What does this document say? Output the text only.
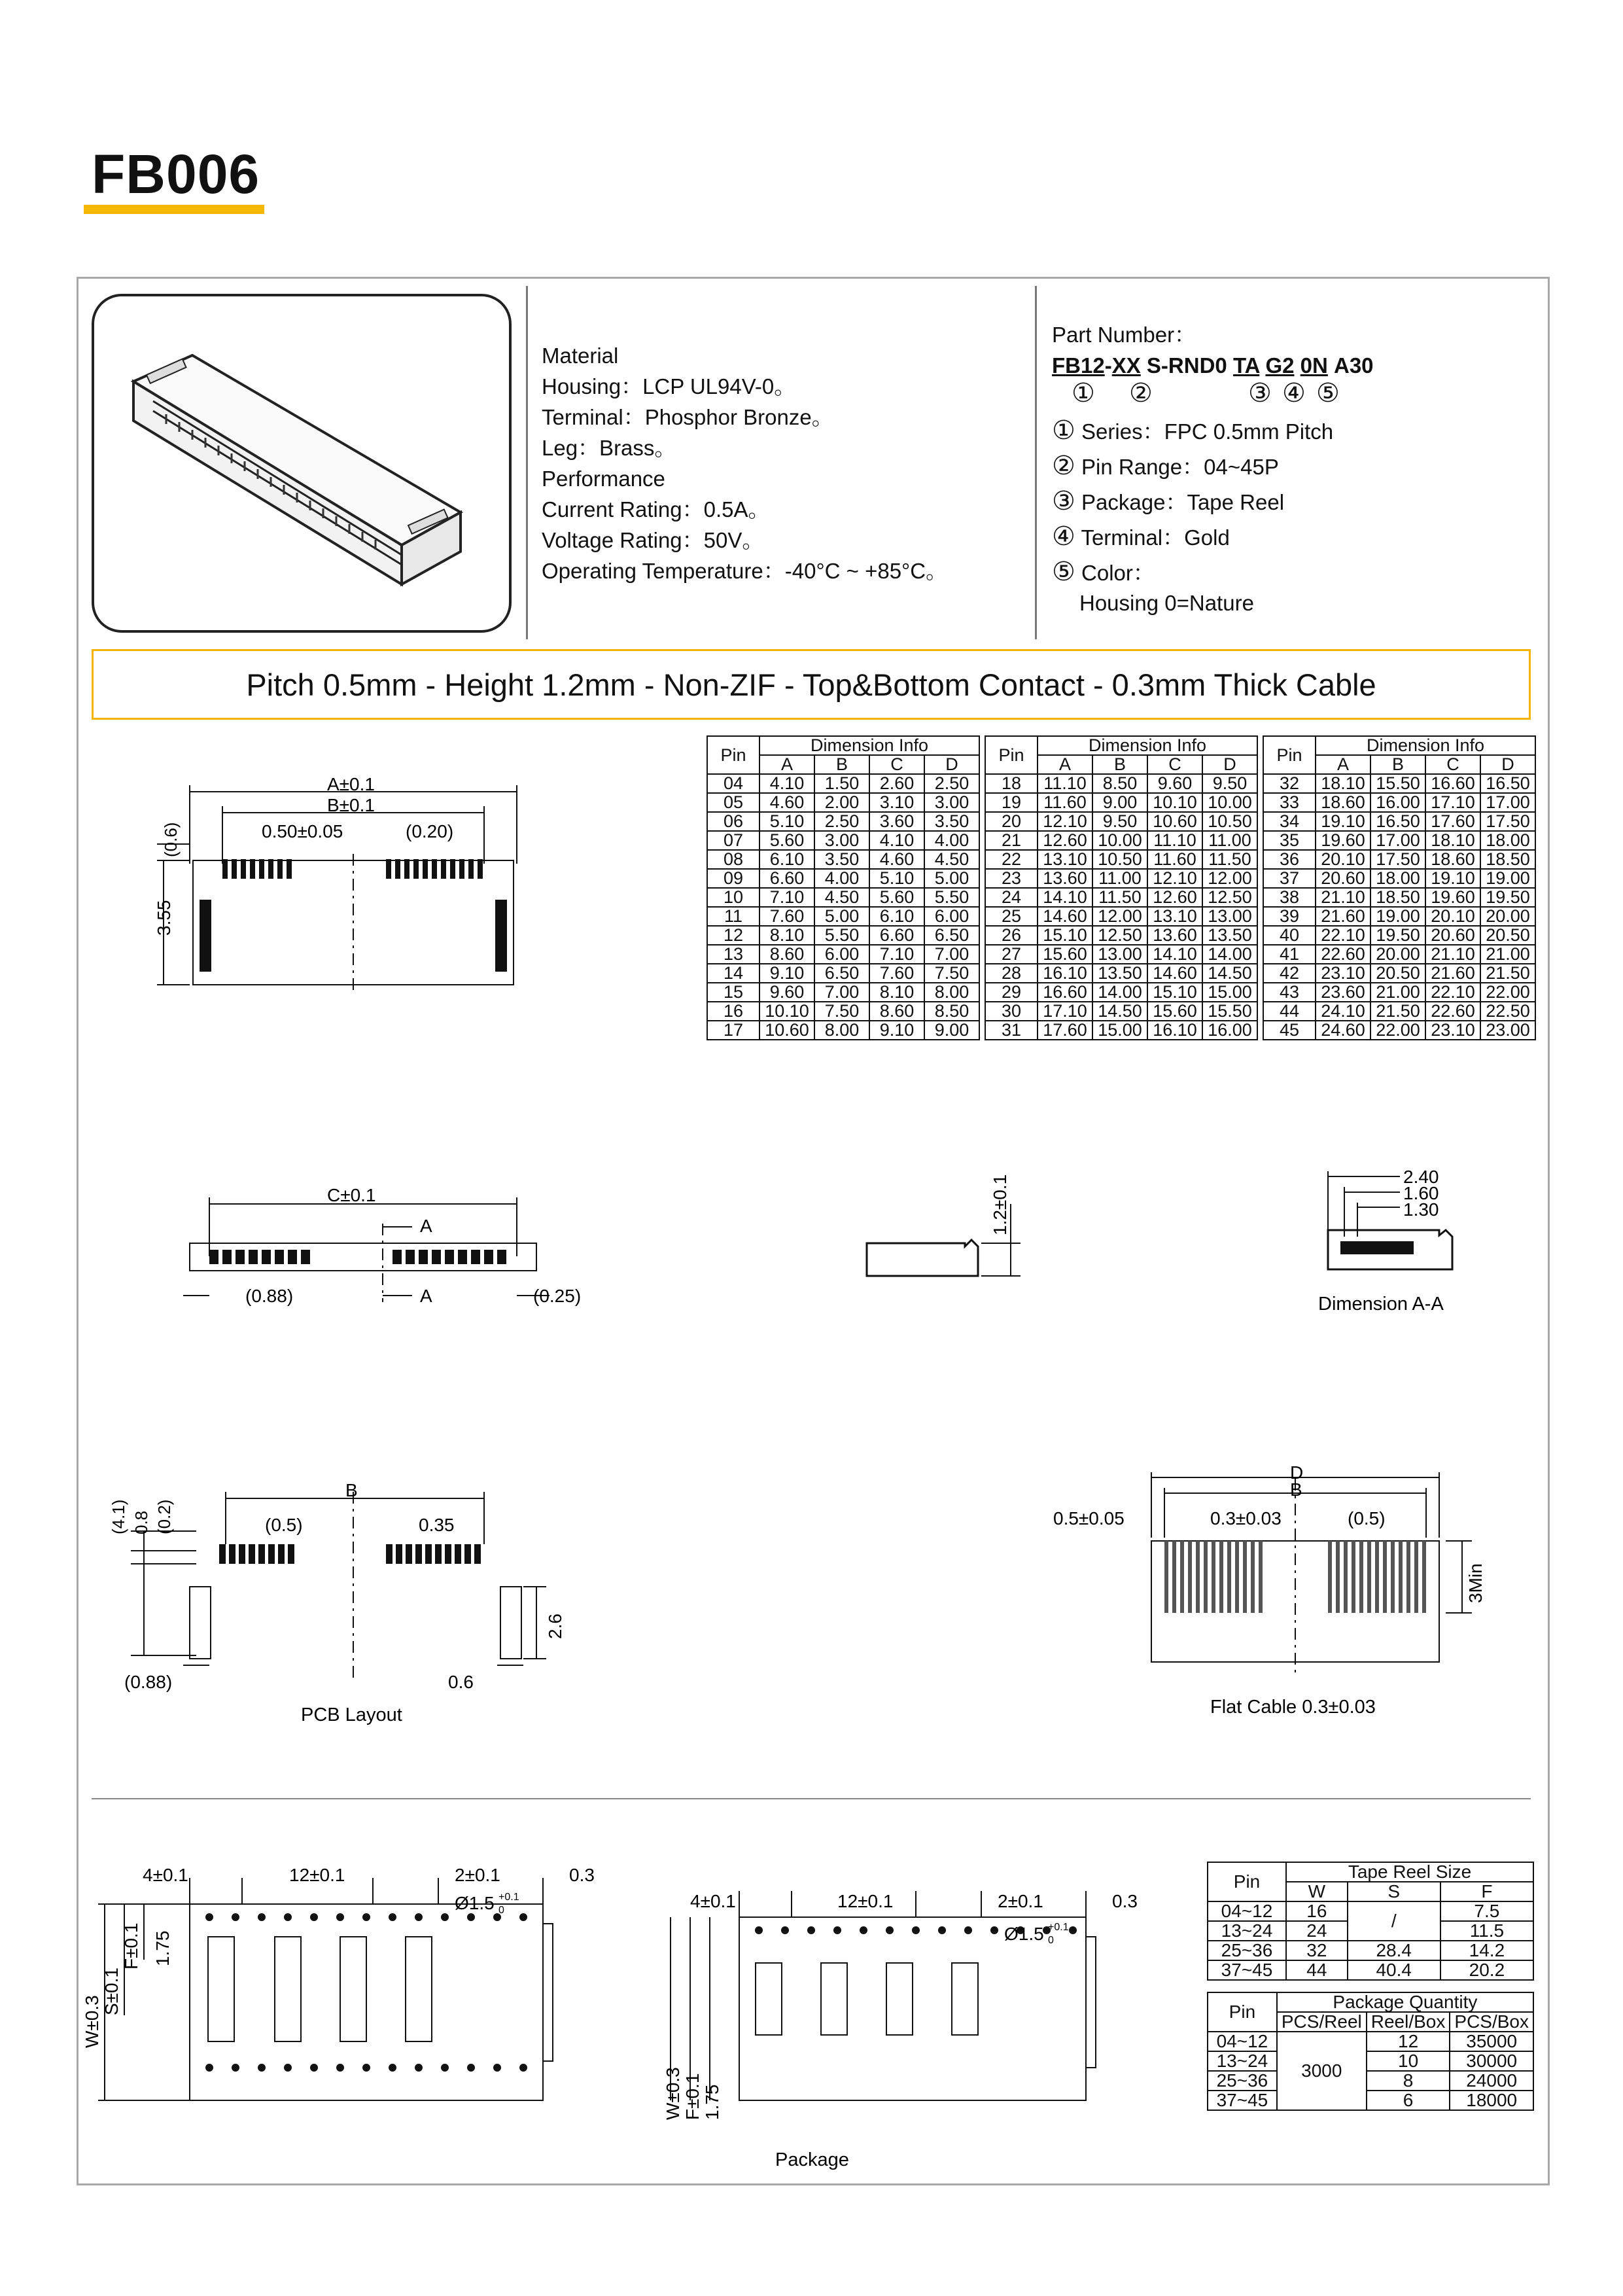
FB006
Material
Housing：LCP UL94V-0。
Terminal：Phosphor Bronze。
Leg：Brass。
Performance
Current Rating：0.5A。
Voltage Rating：50V。
Operating Temperature：-40°C ~ +85°C。
Part Number：
FB12-XX S-RND0 TA G2 0N A30
① ②	③ ④ ⑤
① Series：FPC 0.5mm Pitch
② Pin Range：04~45P
③ Package：Tape Reel
④ Terminal：Gold
⑤ Color：
Housing 0=Nature
Pitch 0.5mm - Height 1.2mm - Non-ZIF - Top&Bottom Contact - 0.3mm Thick Cable
Pin	Dimension Info			
	A	B	C	D
04	4.10	1.50	2.60	2.50
05	4.60	2.00	3.10	3.00
06	5.10	2.50	3.60	3.50
07	5.60	3.00	4.10	4.00
08	6.10	3.50	4.60	4.50
09	6.60	4.00	5.10	5.00
10	7.10	4.50	5.60	5.50
11	7.60	5.00	6.10	6.00
12	8.10	5.50	6.60	6.50
13	8.60	6.00	7.10	7.00
14	9.10	6.50	7.60	7.50
15	9.60	7.00	8.10	8.00
16	10.10	7.50	8.60	8.50
17	10.60	8.00	9.10	9.00
Pin	Dimension Info			
	A	B	C	D
18	11.10	8.50	9.60	9.50
19	11.60	9.00	10.10	10.00
20	12.10	9.50	10.60	10.50
21	12.60	10.00	11.10	11.00
22	13.10	10.50	11.60	11.50
23	13.60	11.00	12.10	12.00
24	14.10	11.50	12.60	12.50
25	14.60	12.00	13.10	13.00
26	15.10	12.50	13.60	13.50
27	15.60	13.00	14.10	14.00
28	16.10	13.50	14.60	14.50
29	16.60	14.00	15.10	15.00
30	17.10	14.50	15.60	15.50
31	17.60	15.00	16.10	16.00
Pin	Dimension Info			
	A	B	C	D
32	18.10	15.50	16.60	16.50
33	18.60	16.00	17.10	17.00
34	19.10	16.50	17.60	17.50
35	19.60	17.00	18.10	18.00
36	20.10	17.50	18.60	18.50
37	20.60	18.00	19.10	19.00
38	21.10	18.50	19.60	19.50
39	21.60	19.00	20.10	20.00
40	22.10	19.50	20.60	20.50
41	22.60	20.00	21.10	21.00
42	23.10	20.50	21.60	21.50
43	23.60	21.00	22.10	22.00
44	24.10	21.50	22.60	22.50
45	24.60	22.00	23.10	23.00
A±0.1
B±0.1
0.50±0.05	(0.20)
(0.6)
3.55
C±0.1
A
A
(0.88)	(0.25)
1.2±0.1	2.40
1.60
1.30
Dimension A-A
B
(0.5)	0.35
(4.1) 0.8 (0.2)
2.6
(0.88)	0.6
PCB Layout
D
B
0.5±0.05	0.3±0.03	(0.5)
3Min
Flat Cable 0.3±0.03
4±0.1	12±0.1	2±0.1	0.3
Ø1.5 +0.1
0
W±0.3
S±0.1
F±0.1 1.75
4±0.1	12±0.1	2±0.1	0.3
Ø1.5 +0.1
0
W±0.3 F±0.1 1.75
Package
Pin	Tape Reel Size		
	W	S	F
04~12	16	/	7.5
13~24	24		11.5
25~36	32	28.4	14.2
37~45	44	40.4	20.2
Pin	Package Quantity		
	PCS/Reel	Reel/Box	PCS/Box
04~12	3000	12	35000
13~24		10	30000
25~36		8	24000
37~45		6	18000
